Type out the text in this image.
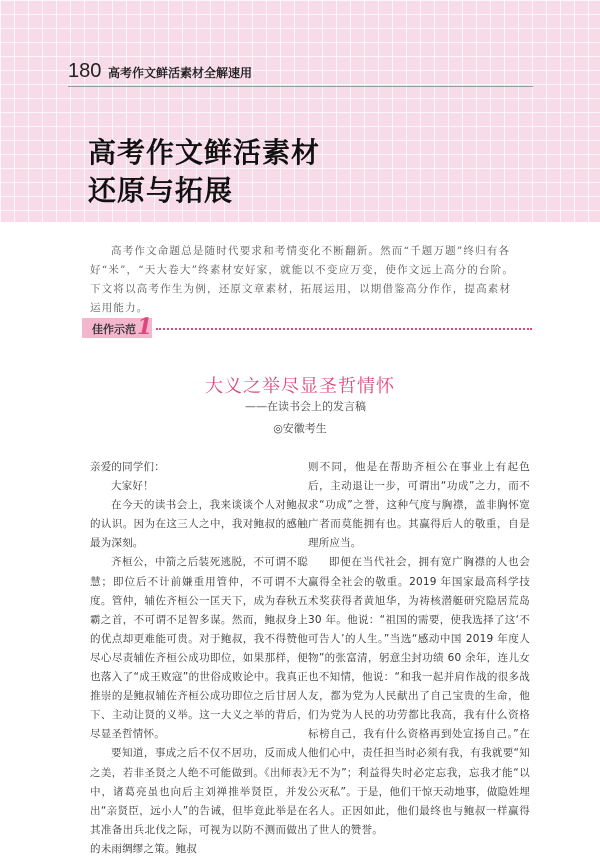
180 高考作文鲜活素材全解速用
高考作文鲜活素材
还原与拓展
高考作文命题总是随时代要求和考情变化不断翻新。然而“千题万题”终归有各好“米”，“天大卷大”终素材安好家，就能以不变应万变，使作文远上高分的台阶。下文将以高考作生为例，还原文章素材，拓展运用，以期借鉴高分作作，提高素材运用能力。
佳作示范 1
大义之举尽显圣哲情怀
——在读书会上的发言稿
◎安徽考生

亲爱的同学们：

大家好！

在今天的读书会上，我来谈谈个人对鲍叔的认识。因为在这三人之中，我对鲍叔的感触最为深刻。

齐桓公，中箭之后装死逃脱，不可谓不聪慧；即位后不计前嫌重用管仲，不可谓不大度。管仲，辅佐齐桓公一匡天下，成为春秋五霸之首，不可谓不足智多谋。然而，鲍叔身上的优点却更难能可贵。对于鲍叔，我不得赞他尽心尽责辅佐齐桓公成功即位，如果那样，便也落入了“成王败寇”的世俗成败论中。我真正推崇的是鲍叔辅佐齐桓公成功即位之后甘居人下、主动让贤的义举。这一大义之举的背后，尽显圣哲情怀。

要知道，事成之后不仅不居功，反而成人之美，若非圣贤之人绝不可能做到。《出师表》中，诸葛亮虽也向后主刘禅推举贤臣，并发出“亲贤臣，远小人”的告诫，但毕竟此举是在其准备出兵北伐之际，可视为以防不测而做出的未雨绸缪之策。鲍叔

则不同，他是在帮助齐桓公在事业上有起色后，主动退让一步，可谓出“功成”之力，而不求“功成”之誉，这种气度与胸襟，盖非胸怀宽广者而莫能拥有也。其赢得后人的敬重，自是理所应当。

即便在当代社会，拥有宽广胸襟的人也会赢得全社会的敬重。2019 年国家最高科学技术奖获得者黄旭华，为祷核潜艇研究隐居荒岛 30 年。他说：“祖国的需要，使我选择了这‘不可告人’的人生。”当选“感动中国 2019 年度人物”的张富清，躬意尘封功绩 60 余年，连儿女也不知情，他说：“和我一起并肩作战的很多战友，都为党为人民献出了自己宝贵的生命，他们为党为人民的功劳都比我高，我有什么资格标榜自己，我有什么资格再到处宣扬自己。”在他们心中，责任担当时必须有我，有我就要“知无不为”；利益得失时必定忘我，忘我才能“以公灭私”。于是，他们干惊天动地事，做隐姓埋名人。正因如此，他们最终也与鲍叔一样赢得了世人的赞誉。
